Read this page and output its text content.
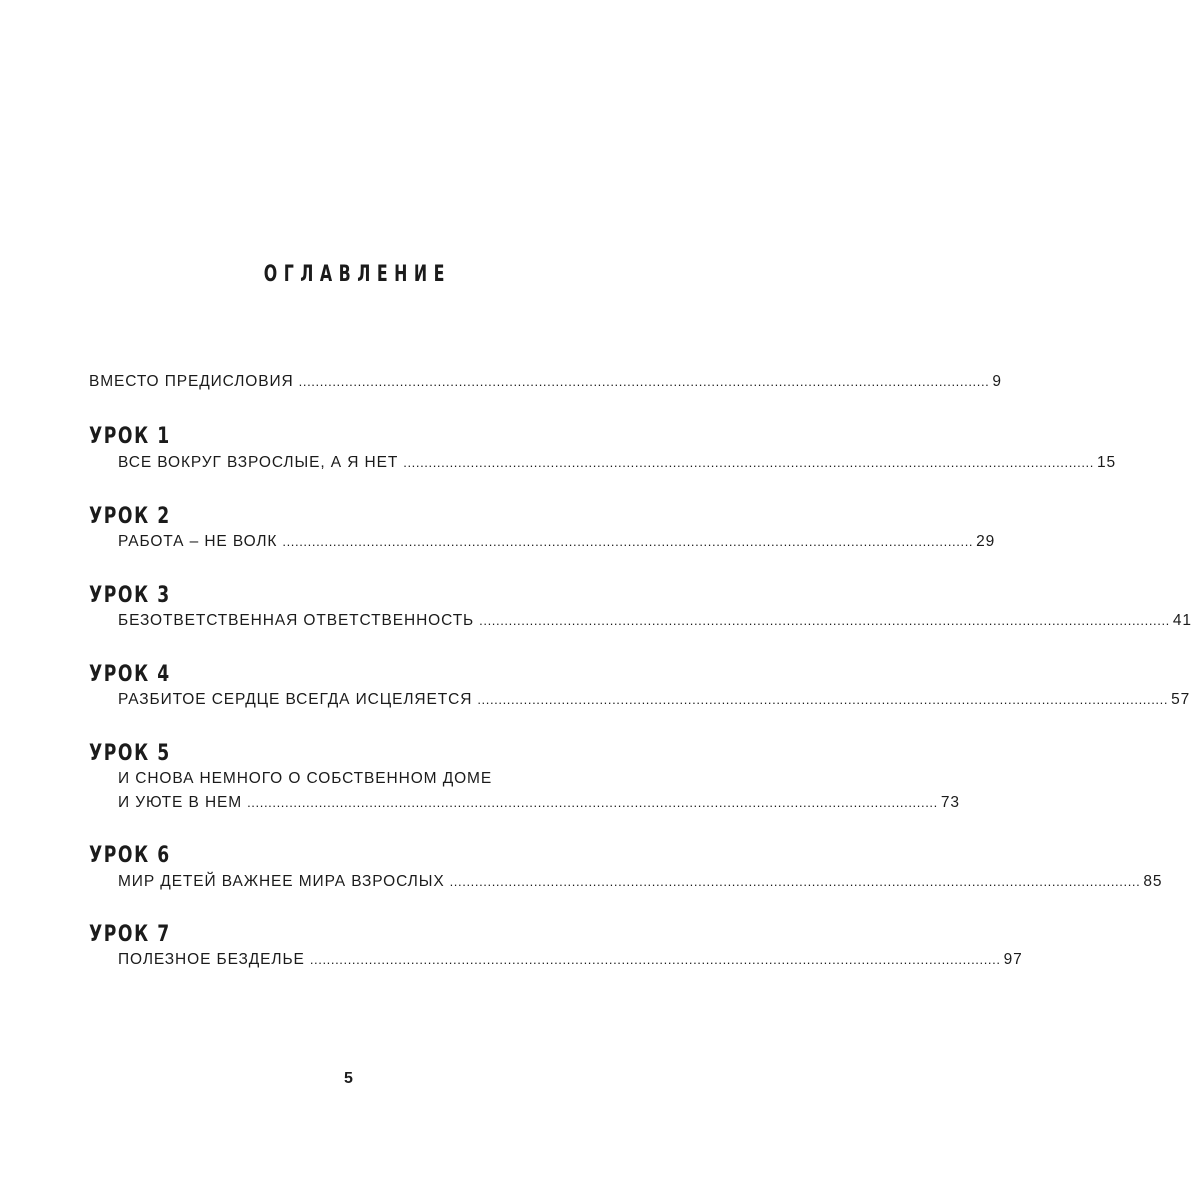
ОГЛАВЛЕНИЕ
ВМЕСТО ПРЕДИСЛОВИЯ .................................................................................................................................................................... 9
УРОК 1
ВСЕ ВОКРУГ ВЗРОСЛЫЕ, А Я НЕТ .................................................................................................................................................................... 15
УРОК 2
РАБОТА – НЕ ВОЛК .................................................................................................................................................................... 29
УРОК 3
БЕЗОТВЕТСТВЕННАЯ ОТВЕТСТВЕННОСТЬ .................................................................................................................................................................... 41
УРОК 4
РАЗБИТОЕ СЕРДЦЕ ВСЕГДА ИСЦЕЛЯЕТСЯ .................................................................................................................................................................... 57
УРОК 5
И СНОВА НЕМНОГО О СОБСТВЕННОМ ДОМЕ
И УЮТЕ В НЕМ .................................................................................................................................................................... 73
УРОК 6
МИР ДЕТЕЙ ВАЖНЕЕ МИРА ВЗРОСЛЫХ .................................................................................................................................................................... 85
УРОК 7
ПОЛЕЗНОЕ БЕЗДЕЛЬЕ .................................................................................................................................................................... 97
5
